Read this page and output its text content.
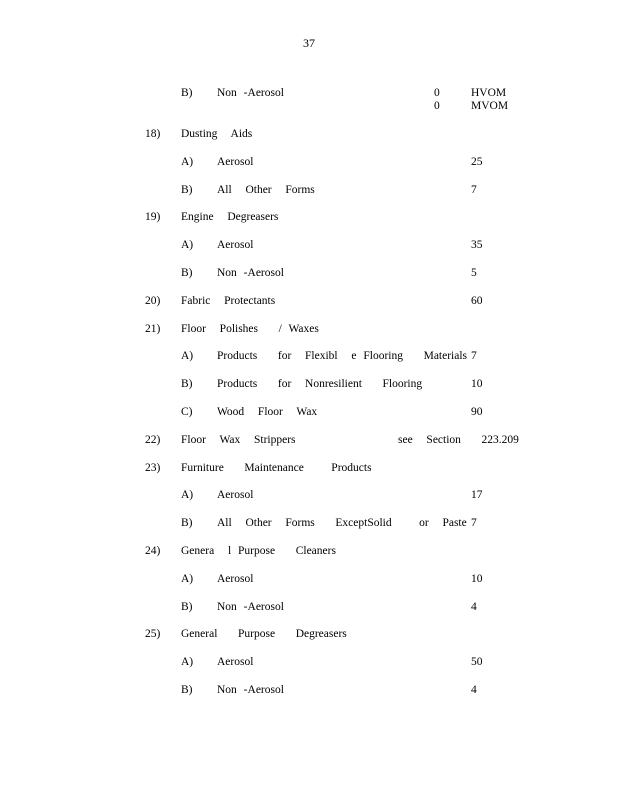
37
B) Non -Aerosol	0	HVOM
0	MVOM
18) Dusting  Aids
A) Aerosol	25
B) All  Other  Forms	7
19) Engine  Degreasers
A) Aerosol	35
B) Non -Aerosol	5
20) Fabric  Protectants	60
21) Floor  Polishes   / Waxes
A) Products   for  Flexibl  e Flooring   Materials 7
B) Products   for  Nonresilient   Flooring	10
C) Wood  Floor  Wax	90
22) Floor  Wax  Strippers	see  Section   223.209
23) Furniture   Maintenance    Products
A) Aerosol	17
B) All  Other  Forms   ExceptSolid    or  Paste 7
24) Genera  l Purpose   Cleaners
A) Aerosol	10
B) Non -Aerosol	4
25) General   Purpose   Degreasers
A) Aerosol	50
B) Non -Aerosol	4
